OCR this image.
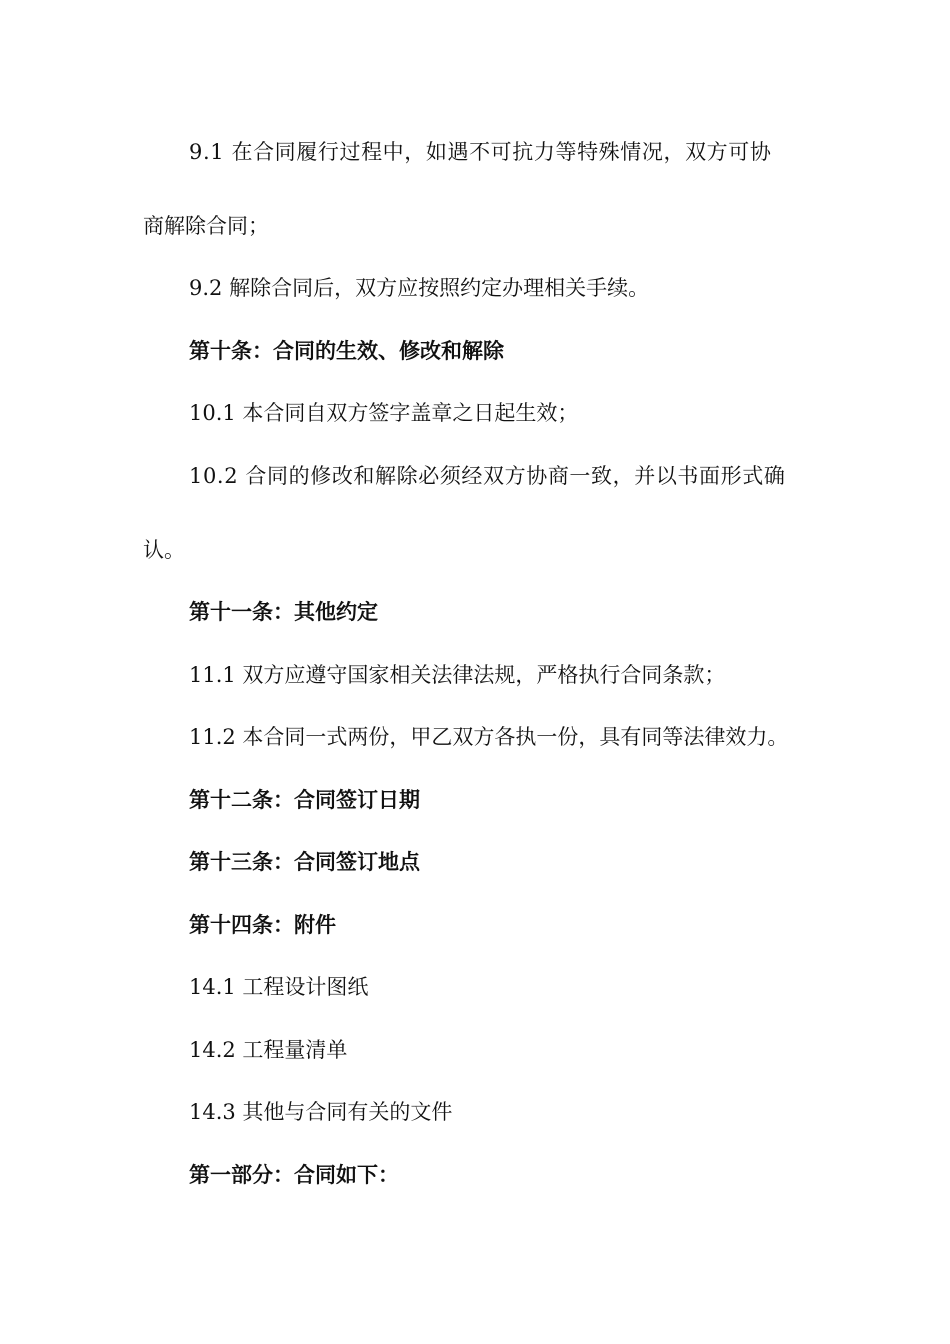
9.1 在合同履行过程中，如遇不可抗力等特殊情况，双方可协
商解除合同；
9.2 解除合同后，双方应按照约定办理相关手续。
第十条：合同的生效、修改和解除
10.1 本合同自双方签字盖章之日起生效；
10.2 合同的修改和解除必须经双方协商一致，并以书面形式确
认。
第十一条：其他约定
11.1 双方应遵守国家相关法律法规，严格执行合同条款；
11.2 本合同一式两份，甲乙双方各执一份，具有同等法律效力。
第十二条：合同签订日期
第十三条：合同签订地点
第十四条：附件
14.1 工程设计图纸
14.2 工程量清单
14.3 其他与合同有关的文件
第一部分：合同如下：
